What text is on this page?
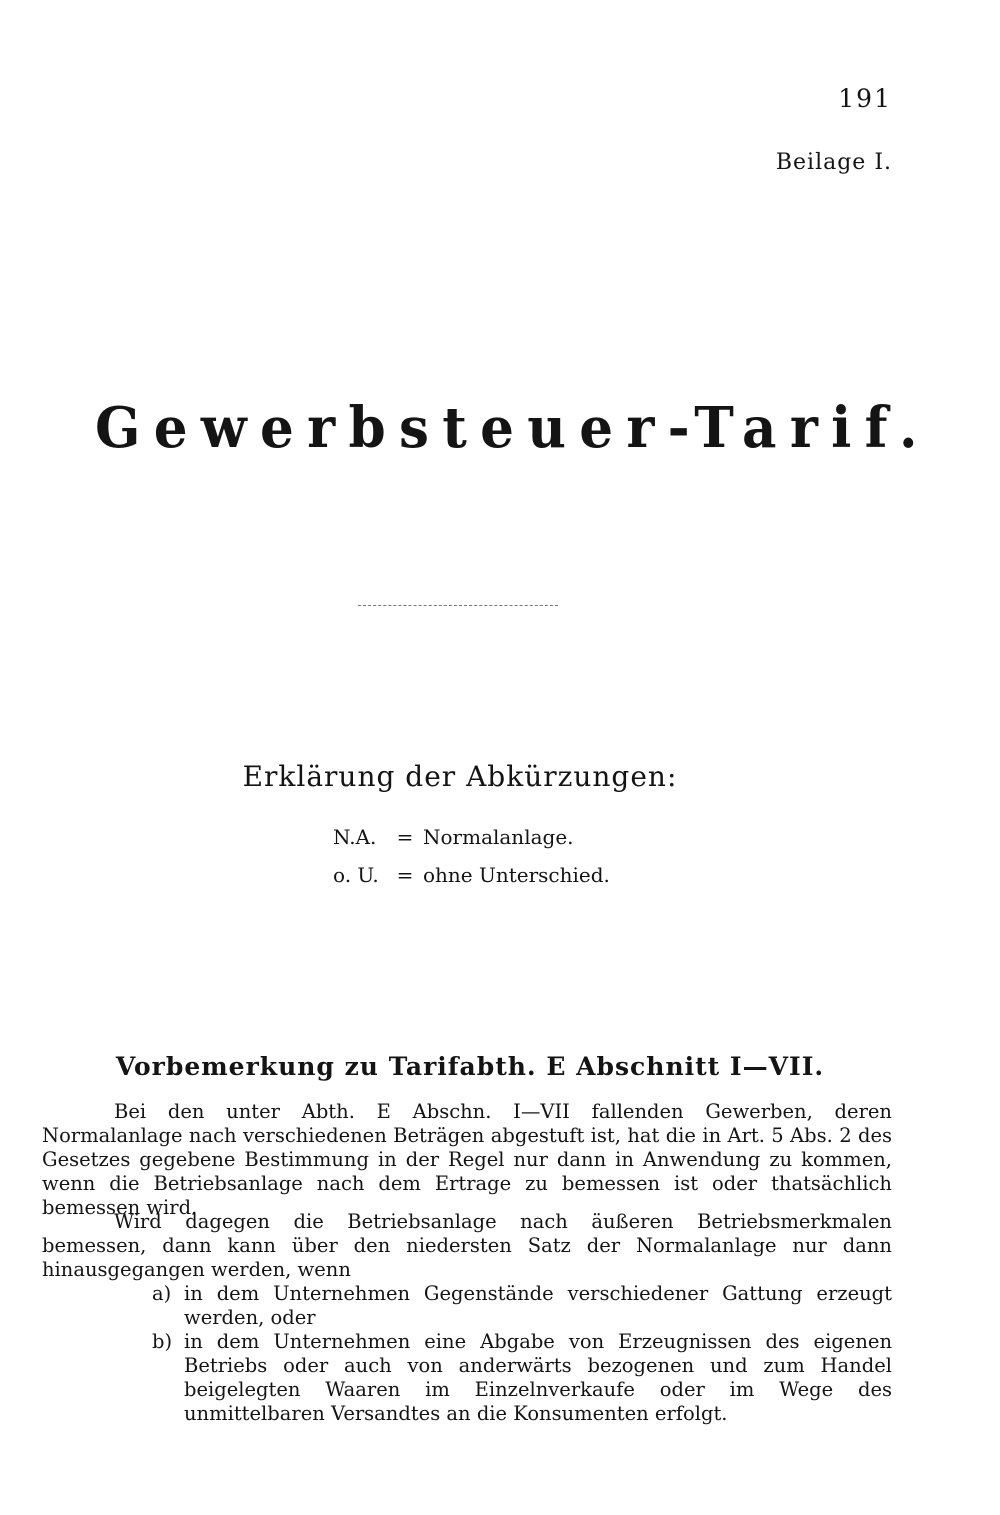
191
Beilage I.
Gewerbsteuer-Tarif.
Erklärung der Abkürzungen:
N.A.	= Normalanlage.
o. U. = ohne Unterschied.
Vorbemerkung zu Tarifabth. E Abschnitt I—VII.
Bei den unter Abth. E Abschn. I—VII fallenden Gewerben, deren Normalanlage nach verschiedenen Beträgen abgestuft ist, hat die in Art. 5 Abs. 2 des Gesetzes gegebene Bestimmung in der Regel nur dann in Anwendung zu kommen, wenn die Betriebsanlage nach dem Ertrage zu bemessen ist oder thatsächlich bemessen wird.
Wird dagegen die Betriebsanlage nach äußeren Betriebsmerkmalen bemessen, dann kann über den niedersten Satz der Normalanlage nur dann hinausgegangen werden, wenn
a) in dem Unternehmen Gegenstände verschiedener Gattung erzeugt werden, oder
b) in dem Unternehmen eine Abgabe von Erzeugnissen des eigenen Betriebs oder auch von anderwärts bezogenen und zum Handel beigelegten Waaren im Einzelnverkaufe oder im Wege des unmittelbaren Versandtes an die Konsumenten erfolgt.
